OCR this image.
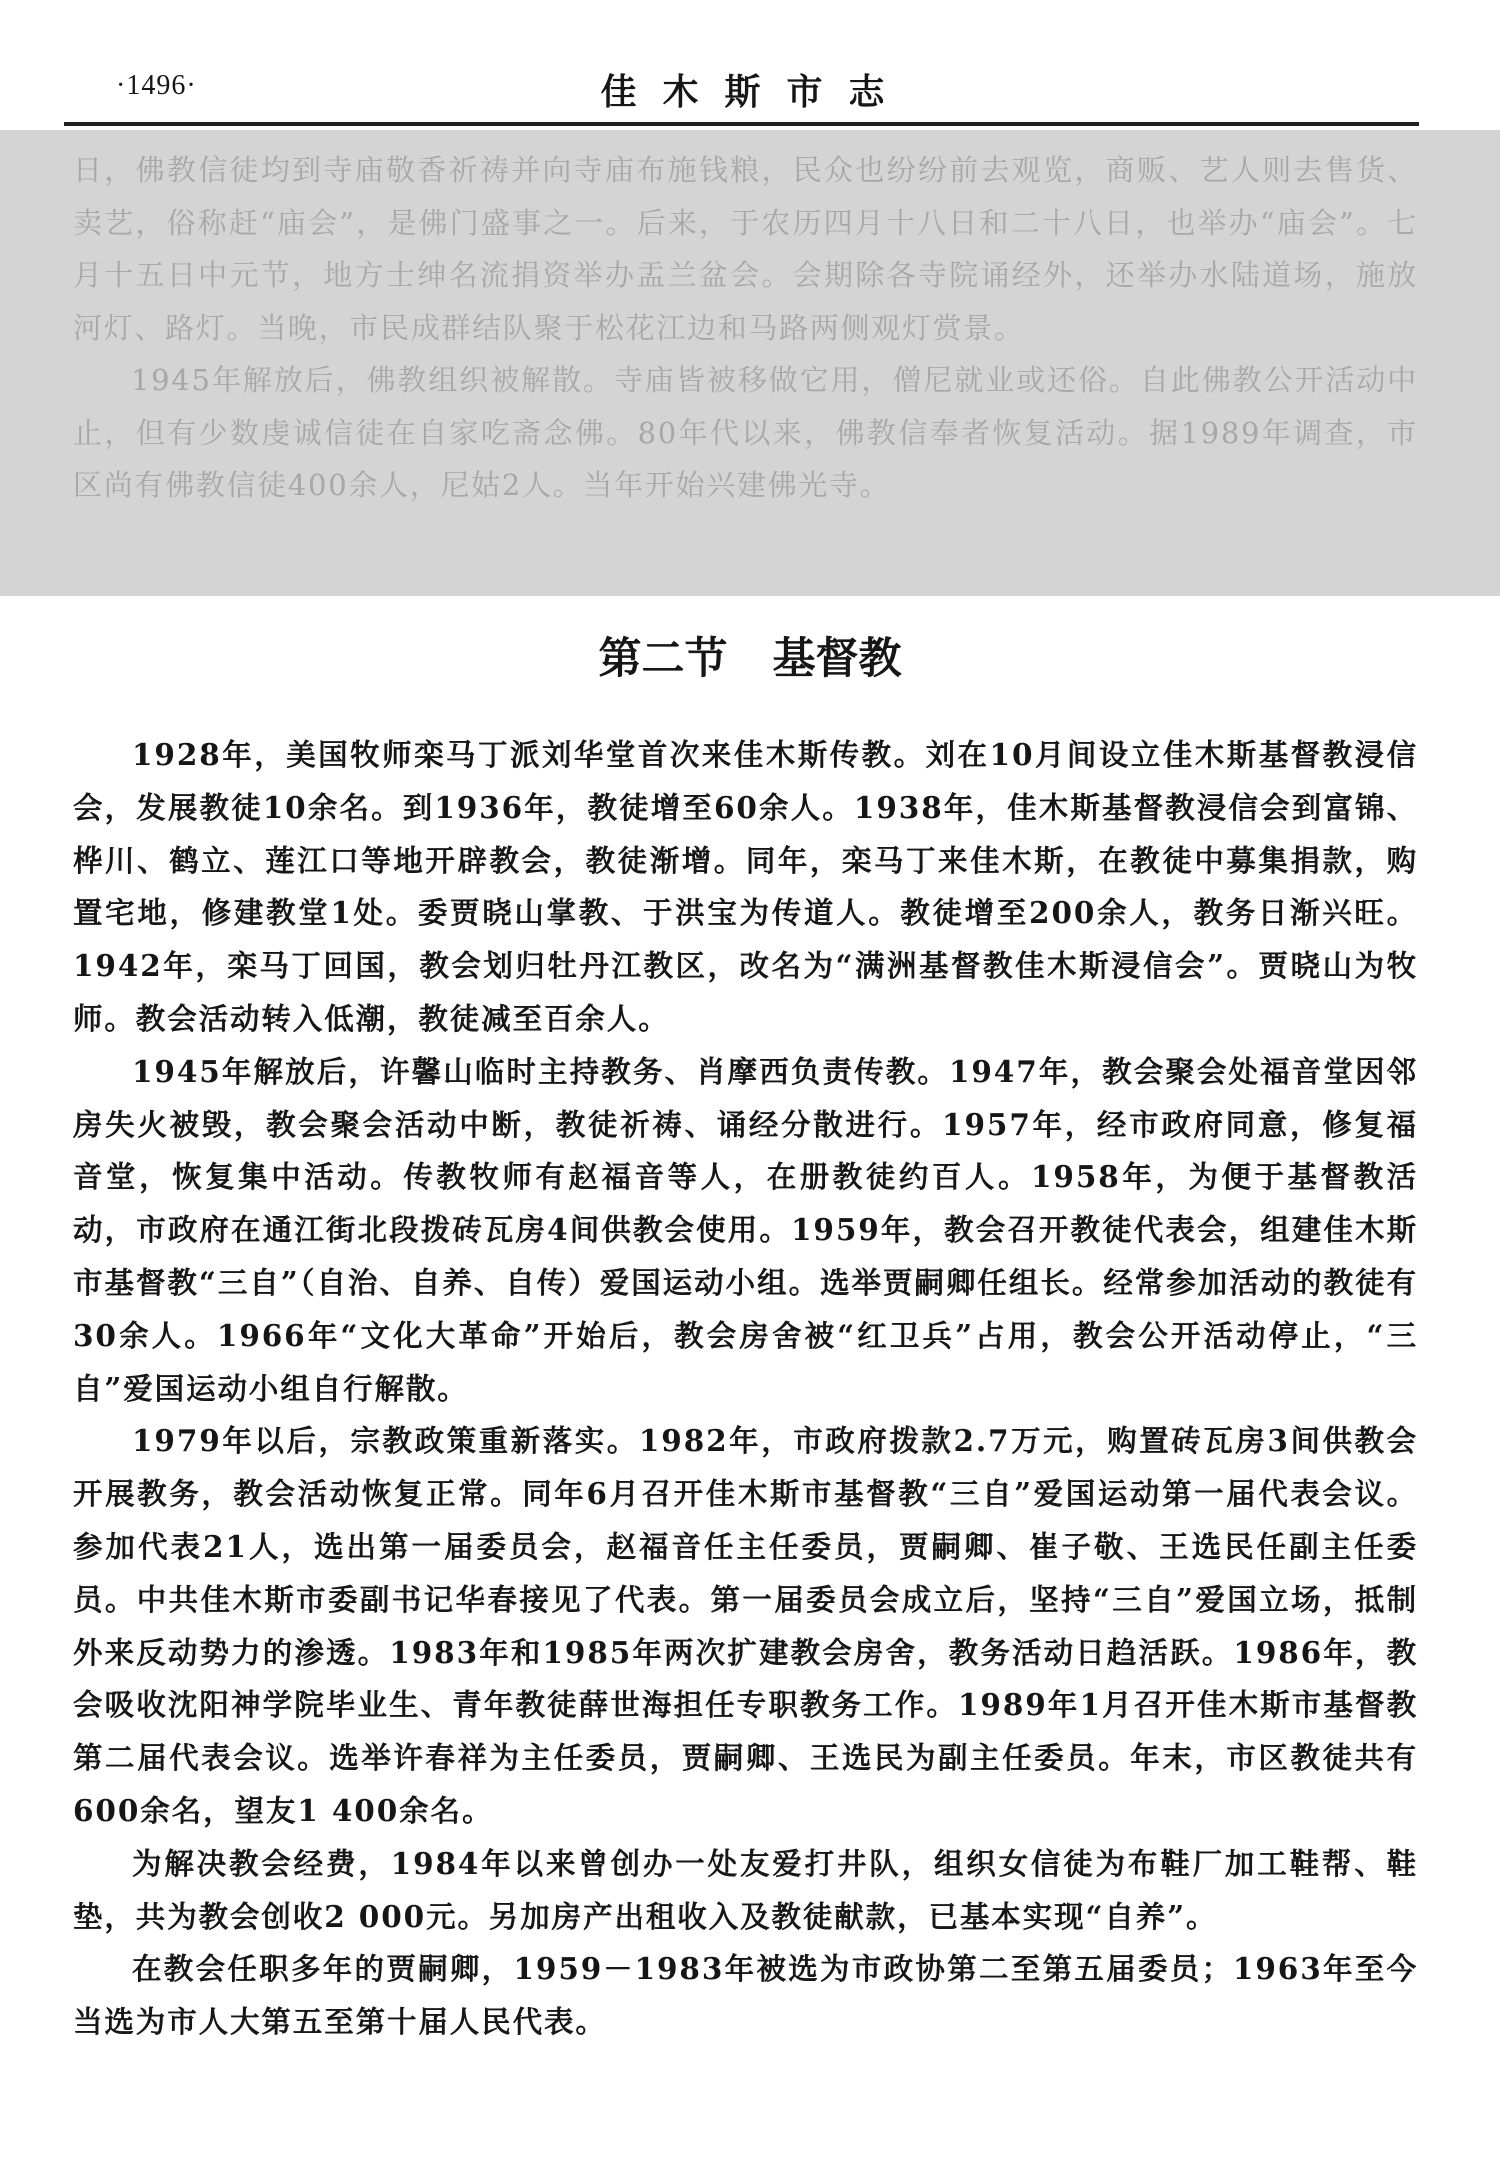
·1496·	佳木斯市志

日，佛教信徒均到寺庙敬香祈祷并向寺庙布施钱粮，民众也纷纷前去观览，商贩、艺人则去售货、卖艺，俗称赶“庙会”，是佛门盛事之一。后来，于农历四月十八日和二十八日，也举办“庙会”。七月十五日中元节，地方士绅名流捐资举办盂兰盆会。会期除各寺院诵经外，还举办水陆道场，施放河灯、路灯。当晚，市民成群结队聚于松花江边和马路两侧观灯赏景。

1945年解放后，佛教组织被解散。寺庙皆被移做它用，僧尼就业或还俗。自此佛教公开活动中止，但有少数虔诚信徒在自家吃斋念佛。80年代以来，佛教信奉者恢复活动。据1989年调查，市区尚有佛教信徒400余人，尼姑2人。当年开始兴建佛光寺。

第二节 基督教

1928年，美国牧师栾马丁派刘华堂首次来佳木斯传教。刘在10月间设立佳木斯基督教浸信会，发展教徒10余名。到1936年，教徒增至60余人。1938年，佳木斯基督教浸信会到富锦、桦川、鹤立、莲江口等地开辟教会，教徒渐增。同年，栾马丁来佳木斯，在教徒中募集捐款，购置宅地，修建教堂1处。委贾晓山掌教、于洪宝为传道人。教徒增至200余人，教务日渐兴旺。1942年，栾马丁回国，教会划归牡丹江教区，改名为“满洲基督教佳木斯浸信会”。贾晓山为牧师。教会活动转入低潮，教徒减至百余人。

1945年解放后，许馨山临时主持教务、肖摩西负责传教。1947年，教会聚会处福音堂因邻房失火被毁，教会聚会活动中断，教徒祈祷、诵经分散进行。1957年，经市政府同意，修复福音堂，恢复集中活动。传教牧师有赵福音等人，在册教徒约百人。1958年，为便于基督教活动，市政府在通江街北段拨砖瓦房4间供教会使用。1959年，教会召开教徒代表会，组建佳木斯市基督教“三自”（自治、自养、自传）爱国运动小组。选举贾嗣卿任组长。经常参加活动的教徒有30余人。1966年“文化大革命”开始后，教会房舍被“红卫兵”占用，教会公开活动停止，“三自”爱国运动小组自行解散。

1979年以后，宗教政策重新落实。1982年，市政府拨款2.7万元，购置砖瓦房3间供教会开展教务，教会活动恢复正常。同年6月召开佳木斯市基督教“三自”爱国运动第一届代表会议。参加代表21人，选出第一届委员会，赵福音任主任委员，贾嗣卿、崔子敬、王选民任副主任委员。中共佳木斯市委副书记华春接见了代表。第一届委员会成立后，坚持“三自”爱国立场，抵制外来反动势力的渗透。1983年和1985年两次扩建教会房舍，教务活动日趋活跃。1986年，教会吸收沈阳神学院毕业生、青年教徒薛世海担任专职教务工作。1989年1月召开佳木斯市基督教第二届代表会议。选举许春祥为主任委员，贾嗣卿、王选民为副主任委员。年末，市区教徒共有600余名，望友1 400余名。

为解决教会经费，1984年以来曾创办一处友爱打井队，组织女信徒为布鞋厂加工鞋帮、鞋垫，共为教会创收2 000元。另加房产出租收入及教徒献款，已基本实现“自养”。

在教会任职多年的贾嗣卿，1959－1983年被选为市政协第二至第五届委员；1963年至今当选为市人大第五至第十届人民代表。
